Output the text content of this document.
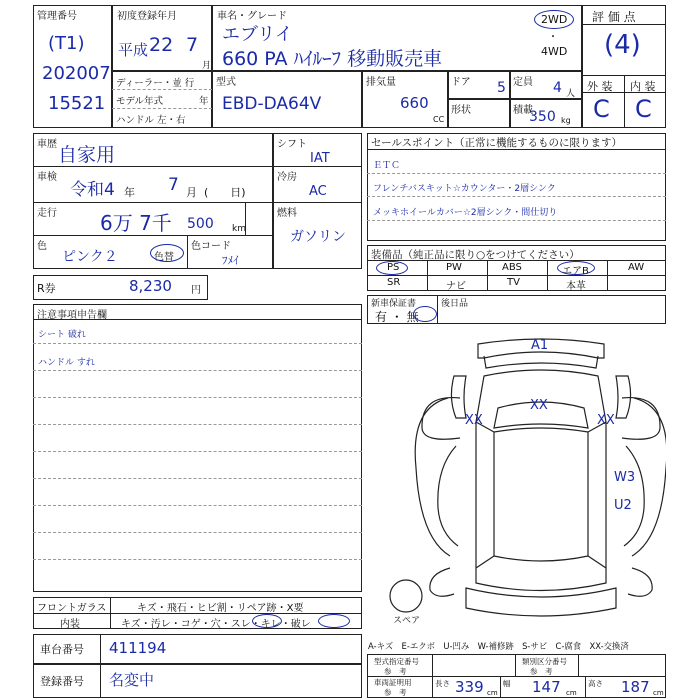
管理番号
(T1)
202007
15521
初度登録年月
平成 22 7
月
車名・グレード
エブリイ
660 PA ﾊｲﾙｰﾌ 移動販売車
2WD
・
4WD
評 価 点
(4)
外 装 内 装
C C
ディーラー・並 行
モデル年式	年
ハンドル 左・右
型式
EBD-DA64V
排気量
660
CC
ドア 5 定員 4 人
形状	積載
350 kg
車歴 自家用
車検
令和4 年 7 月 (　　日)
走行 6万 7千 500 km
色
ピンク２	色替
色コード
ﾌﾒｲ
シフト
IAT
冷房
AC
燃料
ガソリン
セールスポイント（正常に機能するものに限ります）
ＥＴＣ
フレンチバスキット☆カウンター・2層シンク
メッキホイールカバー☆2層シンク・間仕切り
装備品（純正品に限り○をつけてください）
PS	PW	ABS	エアB	AW
SR	ナビ	TV	本革
新車保証書
有 ・ 無
後日品
R券	8,230 円
注意事項申告欄
シート 破れ
ハンドル すれ
A1
XX
XX	XX
W3
U2
スペア
フロントガラス	キズ・飛石・ヒビ割・リペア跡・X要
内装	キズ・汚レ・コゲ・穴・スレ・キレ・破レ
車台番号 411194
登録番号 名変中
A-キズ　E-エクボ　U-凹み　W-補修跡　S-サビ　C-腐食　XX-交換済
型式指定番号
参　考
類別区分番号
参　考
車両証明用
参　考
長さ 339 cm
幅 147 cm
高さ 187 cm
